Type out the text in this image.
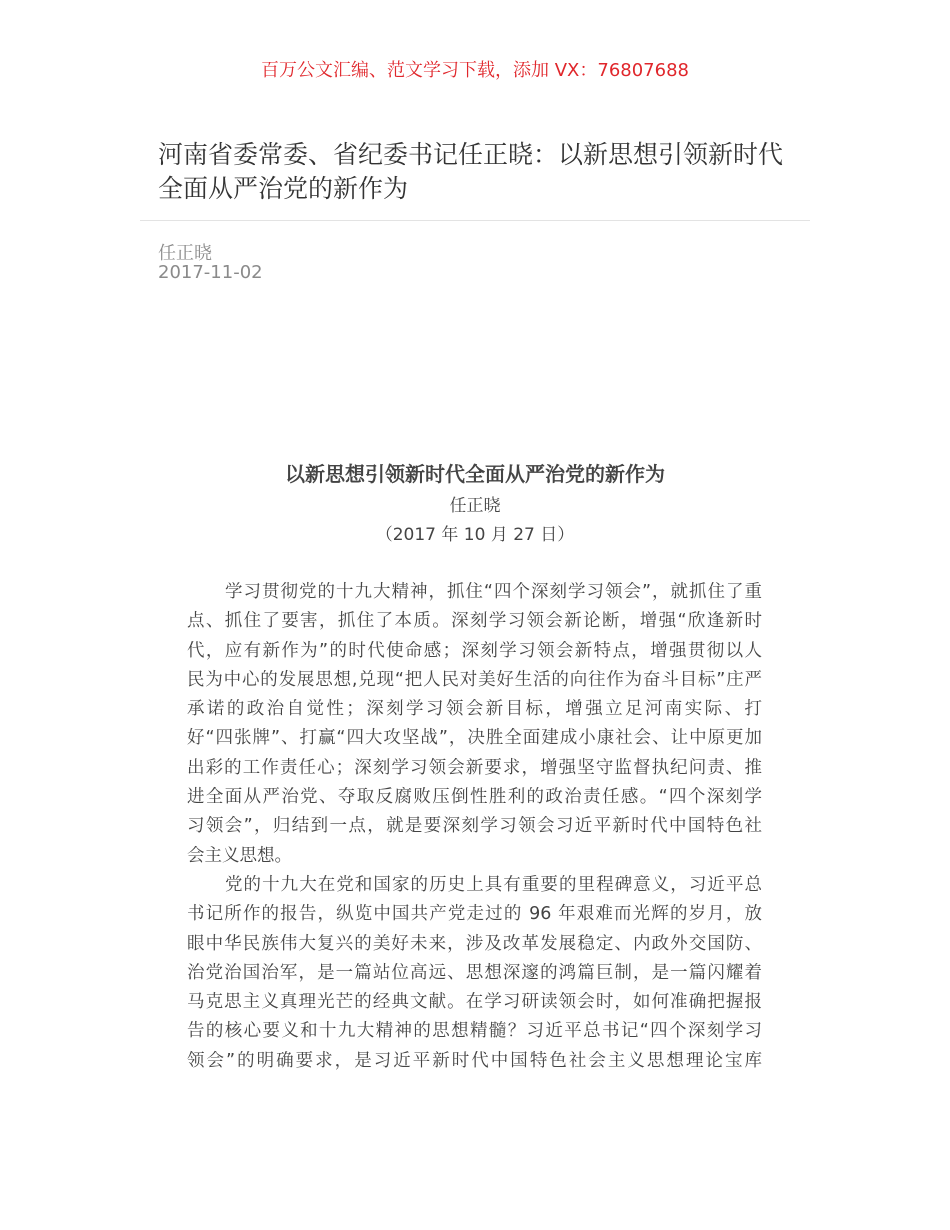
百万公文汇编、范文学习下载，添加 VX：76807688
河南省委常委、省纪委书记任正晓：以新思想引领新时代全面从严治党的新作为
任正晓
2017-11-02
以新思想引领新时代全面从严治党的新作为
任正晓
（2017 年 10 月 27 日）
学习贯彻党的十九大精神，抓住“四个深刻学习领会”，就抓住了重
点、抓住了要害，抓住了本质。深刻学习领会新论断，增强“欣逢新时
代，应有新作为”的时代使命感；深刻学习领会新特点，增强贯彻以人
民为中心的发展思想,兑现“把人民对美好生活的向往作为奋斗目标”庄严
承诺的政治自觉性；深刻学习领会新目标，增强立足河南实际、打
好“四张牌”、打赢“四大攻坚战”，决胜全面建成小康社会、让中原更加
出彩的工作责任心；深刻学习领会新要求，增强坚守监督执纪问责、推
进全面从严治党、夺取反腐败压倒性胜利的政治责任感。“四个深刻学
习领会”，归结到一点，就是要深刻学习领会习近平新时代中国特色社
会主义思想。
党的十九大在党和国家的历史上具有重要的里程碑意义，习近平总
书记所作的报告，纵览中国共产党走过的 96 年艰难而光辉的岁月，放
眼中华民族伟大复兴的美好未来，涉及改革发展稳定、内政外交国防、
治党治国治军，是一篇站位高远、思想深邃的鸿篇巨制，是一篇闪耀着
马克思主义真理光芒的经典文献。在学习研读领会时，如何准确把握报
告的核心要义和十九大精神的思想精髓？习近平总书记“四个深刻学习
领会”的明确要求，是习近平新时代中国特色社会主义思想理论宝库
